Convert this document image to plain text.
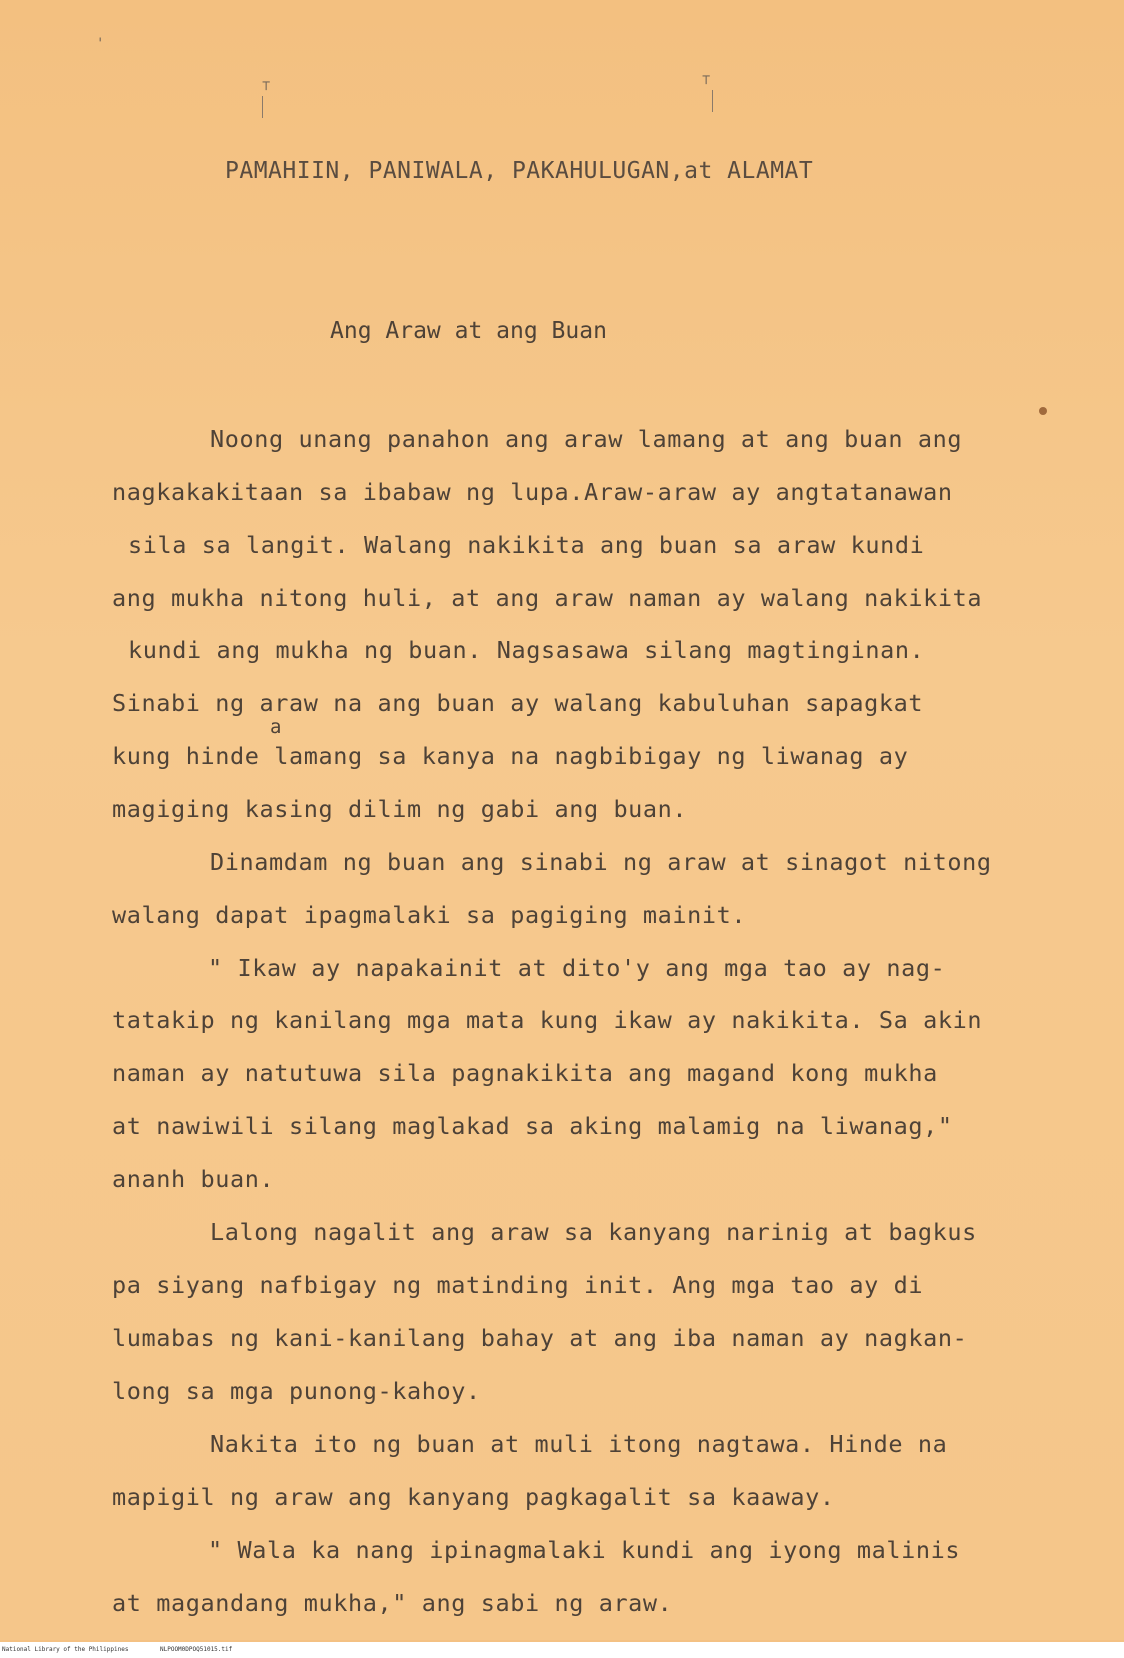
'
⊤	⊤
PAMAHIIN, PANIWALA, PAKAHULUGAN,at ALAMAT
Ang Araw at ang Buan
Noong unang panahon ang araw lamang at ang buan ang
nagkakakitaan sa ibabaw ng lupa.Araw-araw ay angtatanawan
sila sa langit. Walang nakikita ang buan sa araw kundi
ang mukha nitong huli, at ang araw naman ay walang nakikita
kundi ang mukha ng buan. Nagsasawa silang magtinginan.
Sinabi ng araw na ang buan ay walang kabuluhan sapagkat
a
kung hinde lamang sa kanya na nagbibigay ng liwanag ay
magiging kasing dilim ng gabi ang buan.
Dinamdam ng buan ang sinabi ng araw at sinagot nitong
walang dapat ipagmalaki sa pagiging mainit.
" Ikaw ay napakainit at dito'y ang mga tao ay nag-
tatakip ng kanilang mga mata kung ikaw ay nakikita. Sa akin
naman ay natutuwa sila pagnakikita ang magand kong mukha
at nawiwili silang maglakad sa aking malamig na liwanag,"
ananh buan.
Lalong nagalit ang araw sa kanyang narinig at bagkus
pa siyang nafbigay ng matinding init. Ang mga tao ay di
lumabas ng kani-kanilang bahay at ang iba naman ay nagkan-
long sa mga punong-kahoy.
Nakita ito ng buan at muli itong nagtawa. Hinde na
mapigil ng araw ang kanyang pagkagalit sa kaaway.
" Wala ka nang ipinagmalaki kundi ang iyong malinis
at magandang mukha," ang sabi ng araw.
National Library of the Philippines	NLPOOM0DPOQ51015.tif
